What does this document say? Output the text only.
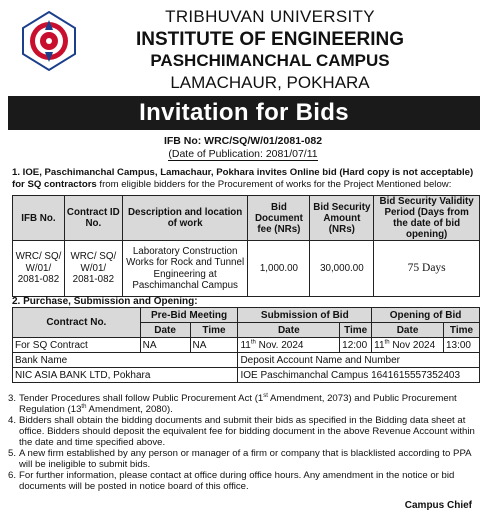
TRIBHUVAN UNIVERSITY
INSTITUTE OF ENGINEERING
PASHCHIMANCHAL CAMPUS
LAMACHAUR, POKHARA
Invitation for Bids
IFB No: WRC/SQ/W/01/2081-082
(Date of Publication: 2081/07/11
1. IOE, Paschimanchal Campus, Lamachaur, Pokhara invites Online bid (Hard copy is not acceptable) for SQ contractors from eligible bidders for the Procurement of works for the Project Mentioned below:
IFB No.	Contract ID No.	Description and location of work	Bid Document fee (NRs)	Bid Security Amount (NRs)	Bid Security Validity Period (Days from the date of bid opening)
WRC/ SQ/ W/01/ 2081-082	WRC/ SQ/ W/01/ 2081-082	Laboratory Construction Works for Rock and Tunnel Engineering at Paschimanchal Campus	1,000.00	30,000.00	75 Days
2. Purchase, Submission and Opening:
Contract No.	Pre-Bid Meeting		Submission of Bid		Opening of Bid	
	Date	Time	Date	Time	Date	Time
For SQ Contract	NA	NA	11th Nov. 2024	12:00	11th Nov 2024	13:00
Bank Name			Deposit Account Name and Number			
NIC ASIA BANK LTD, Pokhara			IOE Paschimanchal Campus 1641615557352403			
3. Tender Procedures shall follow Public Procurement Act (1st Amendment, 2073) and Public Procurement Regulation (13th Amendment, 2080).
4. Bidders shall obtain the bidding documents and submit their bids as specified in the Bidding data sheet at office. Bidders should deposit the equivalent fee for bidding document in the above Revenue Account within the date and time specified above.
5. A new firm established by any person or manager of a firm or company that is blacklisted according to PPA will be ineligible to submit bids.
6. For further information, please contact at office during office hours. Any amendment in the notice or bid documents will be posted in notice board of this office.
Campus Chief
